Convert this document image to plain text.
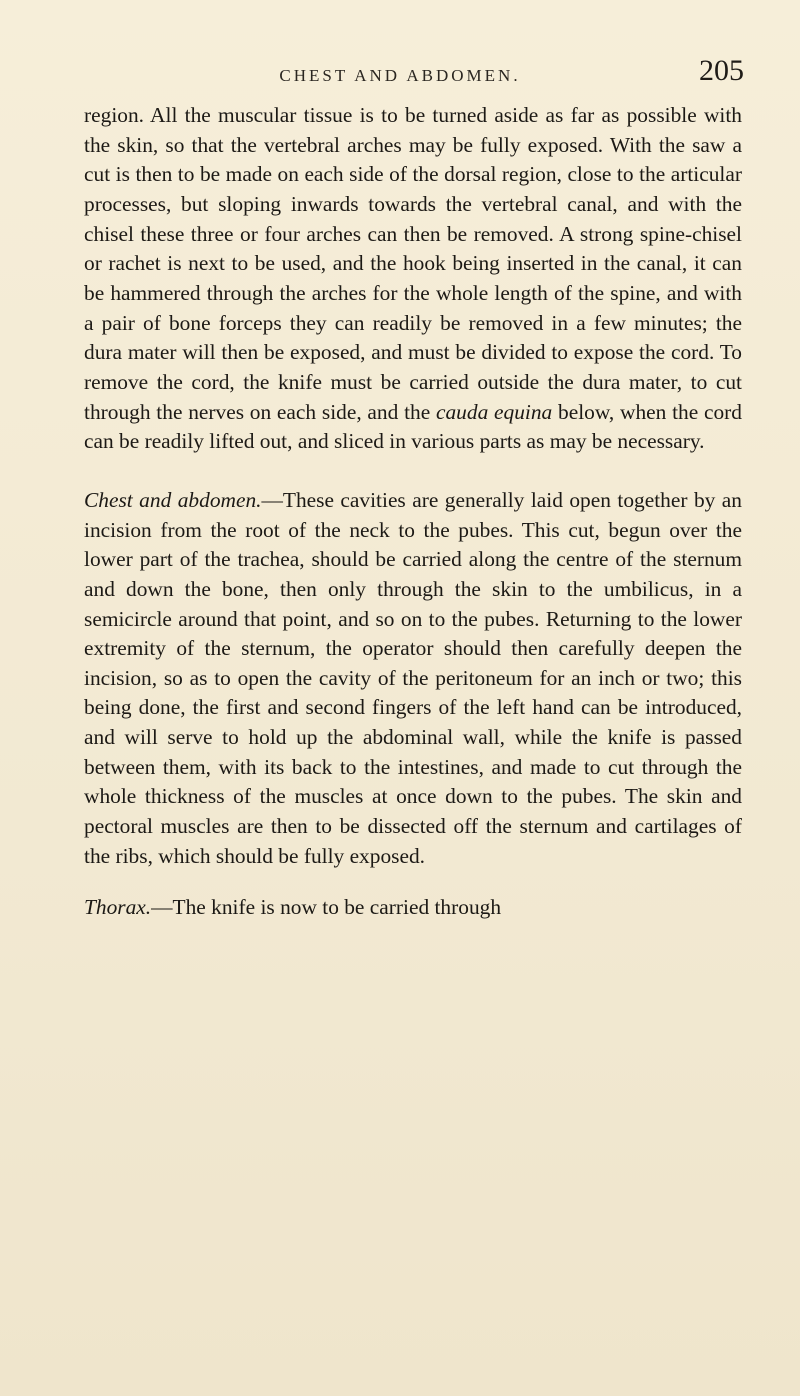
CHEST AND ABDOMEN.	205

region. All the muscular tissue is to be turned aside as far as possible with the skin, so that the vertebral arches may be fully exposed. With the saw a cut is then to be made on each side of the dorsal region, close to the articular processes, but sloping inwards towards the vertebral canal, and with the chisel these three or four arches can then be removed. A strong spine-chisel or rachet is next to be used, and the hook being inserted in the canal, it can be hammered through the arches for the whole length of the spine, and with a pair of bone forceps they can readily be removed in a few minutes; the dura mater will then be exposed, and must be divided to expose the cord. To remove the cord, the knife must be carried outside the dura mater, to cut through the nerves on each side, and the cauda equina below, when the cord can be readily lifted out, and sliced in various parts as may be necessary.

Chest and abdomen.—These cavities are generally laid open together by an incision from the root of the neck to the pubes. This cut, begun over the lower part of the trachea, should be carried along the centre of the sternum and down the bone, then only through the skin to the umbilicus, in a semicircle around that point, and so on to the pubes. Returning to the lower extremity of the sternum, the operator should then carefully deepen the incision, so as to open the cavity of the peritoneum for an inch or two; this being done, the first and second fingers of the left hand can be introduced, and will serve to hold up the abdominal wall, while the knife is passed between them, with its back to the intestines, and made to cut through the whole thickness of the muscles at once down to the pubes. The skin and pectoral muscles are then to be dissected off the sternum and cartilages of the ribs, which should be fully exposed.

Thorax.—The knife is now to be carried through
